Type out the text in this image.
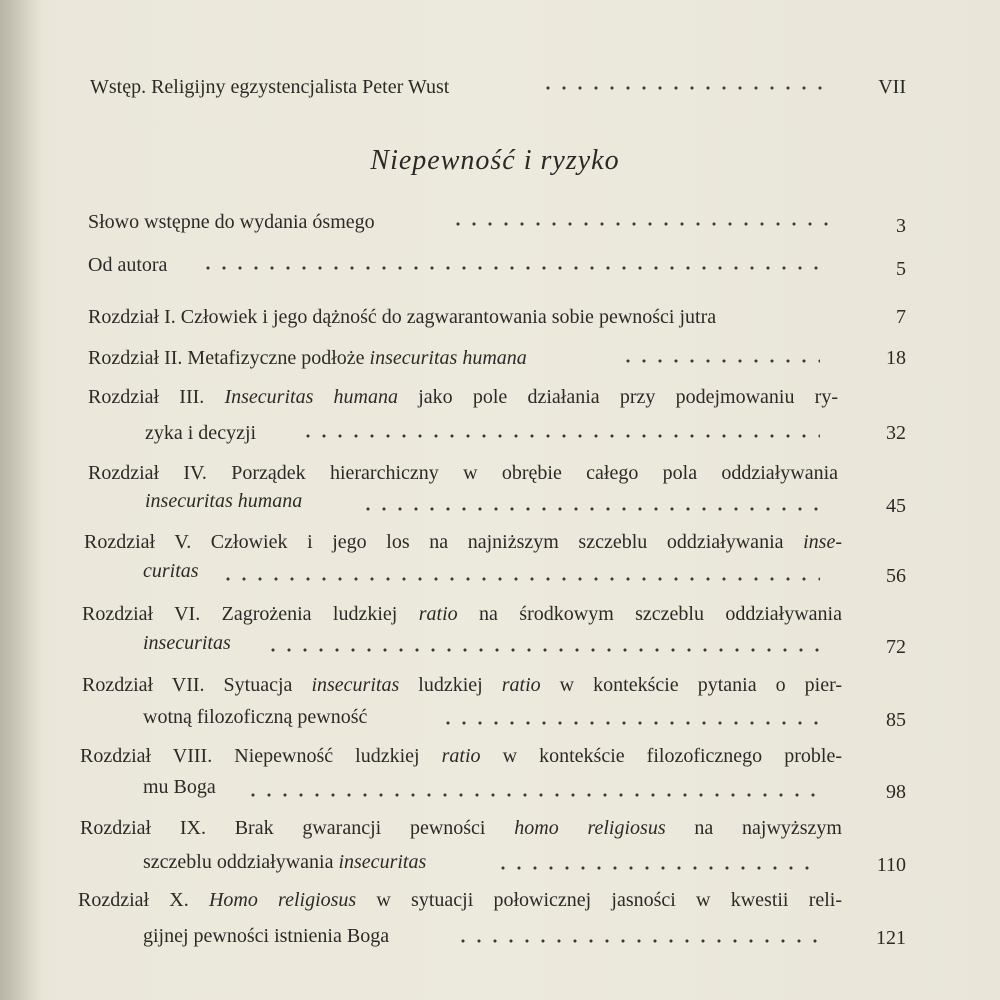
Wstęp. Religijny egzystencjalista Peter Wust	VII
Niepewność i ryzyko
Słowo wstępne do wydania ósmego	3
Od autora	5
Rozdział I. Człowiek i jego dążność do zagwarantowania sobie pewności jutra	7
Rozdział II. Metafizyczne podłoże insecuritas humana	18
Rozdział III. Insecuritas humana jako pole działania przy podejmowaniu ry-
zyka i decyzji	32
Rozdział IV. Porządek hierarchiczny w obrębie całego pola oddziaływania
insecuritas humana	45
Rozdział V. Człowiek i jego los na najniższym szczeblu oddziaływania inse-
curitas	56
Rozdział VI. Zagrożenia ludzkiej ratio na środkowym szczeblu oddziaływania
insecuritas	72
Rozdział VII. Sytuacja insecuritas ludzkiej ratio w kontekście pytania o pier-
wotną filozoficzną pewność	85
Rozdział VIII. Niepewność ludzkiej ratio w kontekście filozoficznego proble-
mu Boga	98
Rozdział IX. Brak gwarancji pewności homo religiosus na najwyższym
szczeblu oddziaływania insecuritas	110
Rozdział X. Homo religiosus w sytuacji połowicznej jasności w kwestii reli-
gijnej pewności istnienia Boga	121
